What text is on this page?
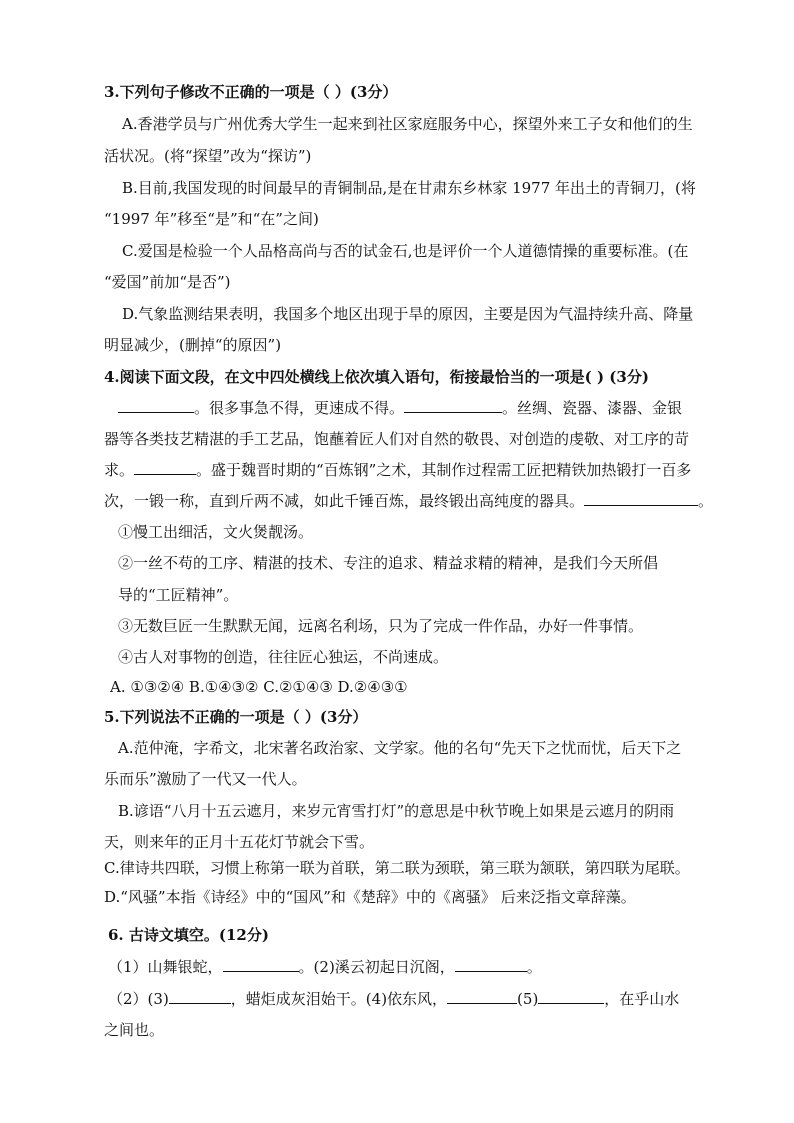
3.下列句子修改不正确的一项是（ ）(3分）
A.香港学员与广州优秀大学生一起来到社区家庭服务中心，探望外来工子女和他们的生
活状况。(将“探望”改为“探访”)
B.目前,我国发现的时间最早的青铜制品,是在甘肃东乡林家 1977 年出土的青铜刀，(将
“1997 年”移至“是”和“在”之间)
C.爱国是检验一个人品格高尚与否的试金石,也是评价一个人道德情操的重要标准。(在
“爱国”前加“是否”)
D.气象监测结果表明，我国多个地区出现于旱的原因，主要是因为气温持续升高、降量
明显减少，(删掉“的原因”)
4.阅读下面文段，在文中四处横线上依次填入语句，衔接最恰当的一项是( ) (3分)
。很多事急不得，更速成不得。	。丝绸、瓷器、漆器、金银
器等各类技艺精湛的手工艺品，饱蘸着匠人们对自然的敬畏、对创造的虔敬、对工序的苛
求。	。盛于魏晋时期的“百炼钢”之术，其制作过程需工匠把精铁加热锻打一百多
次，一锻一称，直到斤两不减，如此千锤百炼，最终锻出高纯度的器具。	。
①慢工出细活，文火煲靓汤。
②一丝不苟的工序、精湛的技术、专注的追求、精益求精的精神，是我们今天所倡
导的“工匠精神”。
③无数巨匠一生默默无闻，远离名利场，只为了完成一件作品，办好一件事情。
④古人对事物的创造，往往匠心独运，不尚速成。
A. ①③②④ B.①④③② C.②①④③ D.②④③①
5.下列说法不正确的一项是（ ）(3分）
A.范仲淹，字希文，北宋著名政治家、文学家。他的名句“先天下之忧而忧，后天下之
乐而乐”激励了一代又一代人。
B.谚语“八月十五云遮月，来岁元宵雪打灯”的意思是中秋节晚上如果是云遮月的阴雨
天，则来年的正月十五花灯节就会下雪。
C.律诗共四联，习惯上称第一联为首联，第二联为颈联，第三联为颔联，第四联为尾联。
D.“风骚”本指《诗经》中的“国风”和《楚辞》中的《离骚》 后来泛指文章辞藻。
6. 古诗文填空。(12分)
（1）山舞银蛇，	。(2)溪云初起日沉阁，	。
（2）(3)	，蜡炬成灰泪始干。(4)依东风，	(5)	，在乎山水
之间也。
